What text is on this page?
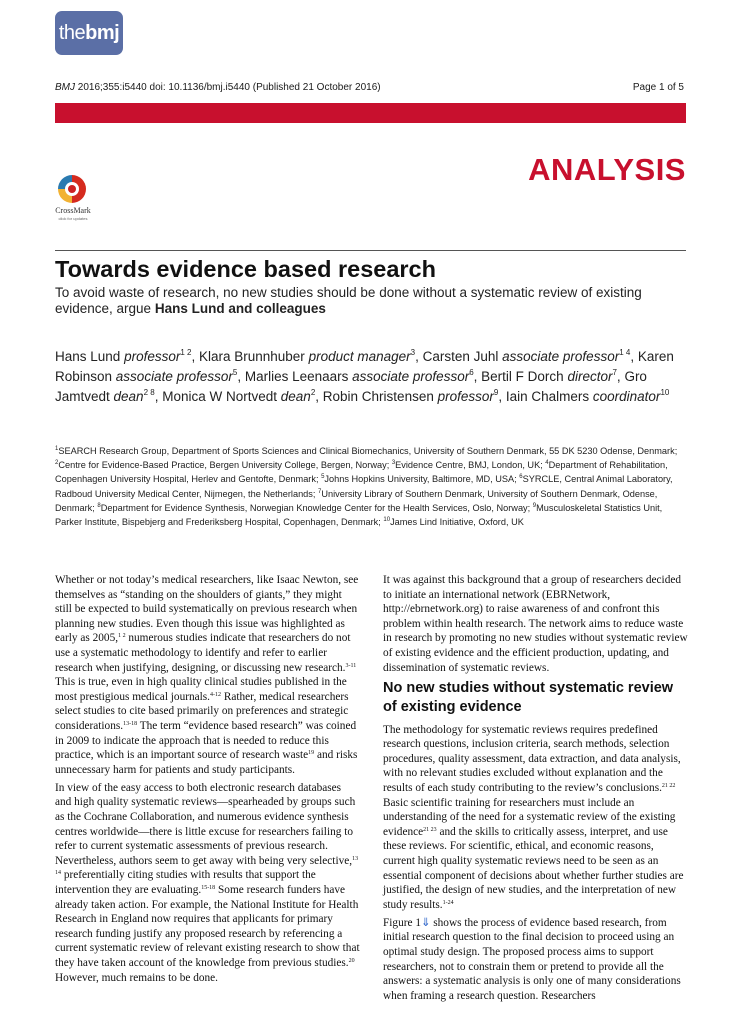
the bmj
BMJ 2016;355:i5440 doi: 10.1136/bmj.i5440 (Published 21 October 2016)	Page 1 of 5
ANALYSIS
CrossMark
click for updates
Towards evidence based research
To avoid waste of research, no new studies should be done without a systematic review of existing evidence, argue Hans Lund and colleagues
Hans Lund professor$^{1 2}$, Klara Brunnhuber product manager$^3$, Carsten Juhl associate professor$^{1 4}$, Karen Robinson associate professor$^5$, Marlies Leenaars associate professor$^6$, Bertil F Dorch director$^7$, Gro Jamtvedt dean$^{2 8}$, Monica W Nortvedt dean$^2$, Robin Christensen professor$^9$, Iain Chalmers coordinator$^{10}$
$^1$SEARCH Research Group, Department of Sports Sciences and Clinical Biomechanics, University of Southern Denmark, 55 DK 5230 Odense, Denmark; $^2$Centre for Evidence-Based Practice, Bergen University College, Bergen, Norway; $^3$Evidence Centre, BMJ, London, UK; $^4$Department of Rehabilitation, Copenhagen University Hospital, Herlev and Gentofte, Denmark; $^5$Johns Hopkins University, Baltimore, MD, USA; $^6$SYRCLE, Central Animal Laboratory, Radboud University Medical Center, Nijmegen, the Netherlands; $^7$University Library of Southern Denmark, University of Southern Denmark, Odense, Denmark; $^8$Department for Evidence Synthesis, Norwegian Knowledge Center for the Health Services, Oslo, Norway; $^9$Musculoskeletal Statistics Unit, Parker Institute, Bispebjerg and Frederiksberg Hospital, Copenhagen, Denmark; $^{10}$James Lind Initiative, Oxford, UK

Whether or not today’s medical researchers, like Isaac Newton, see themselves as “standing on the shoulders of giants,” they might still be expected to build systematically on previous research when planning new studies. Even though this issue was highlighted as early as 2005,$^{1 2}$ numerous studies indicate that researchers do not use a systematic methodology to identify and refer to earlier research when justifying, designing, or discussing new research.$^{3-11}$ This is true, even in high quality clinical studies published in the most prestigious medical journals.$^{4-12}$ Rather, medical researchers select studies to cite based primarily on preferences and strategic considerations.$^{13-18}$ The term “evidence based research” was coined in 2009 to indicate the approach that is needed to reduce this practice, which is an important source of research waste$^{19}$ and risks unnecessary harm for patients and study participants.

In view of the easy access to both electronic research databases and high quality systematic reviews—spearheaded by groups such as the Cochrane Collaboration, and numerous evidence synthesis centres worldwide—there is little excuse for researchers failing to refer to current systematic assessments of previous research. Nevertheless, authors seem to get away with being very selective,$^{13 14}$ preferentially citing studies with results that support the intervention they are evaluating.$^{15-18}$ Some research funders have already taken action. For example, the National Institute for Health Research in England now requires that applicants for primary research funding justify any proposed research by referencing a current systematic review of relevant existing research to show that they have taken account of the knowledge from previous studies.$^{20}$ However, much remains to be done.

It was against this background that a group of researchers decided to initiate an international network (EBRNetwork, http://ebrnetwork.org) to raise awareness of and confront this problem within health research. The network aims to reduce waste in research by promoting no new studies without systematic review of existing evidence and the efficient production, updating, and dissemination of systematic reviews.

No new studies without systematic review of existing evidence

The methodology for systematic reviews requires predefined research questions, inclusion criteria, search methods, selection procedures, quality assessment, data extraction, and data analysis, with no relevant studies excluded without explanation and the results of each study contributing to the review’s conclusions.$^{21 22}$ Basic scientific training for researchers must include an understanding of the need for a systematic review of the existing evidence$^{21 23}$ and the skills to critically assess, interpret, and use these reviews. For scientific, ethical, and economic reasons, current high quality systematic reviews need to be seen as an essential component of decisions about whether further studies are justified, the design of new studies, and the interpretation of new study results.$^{1-24}$

Figure 1⇓ shows the process of evidence based research, from initial research question to the final decision to proceed using an optimal study design. The proposed process aims to support researchers, not to constrain them or pretend to provide all the answers: a systematic analysis is only one of many considerations when framing a research question. Researchers
